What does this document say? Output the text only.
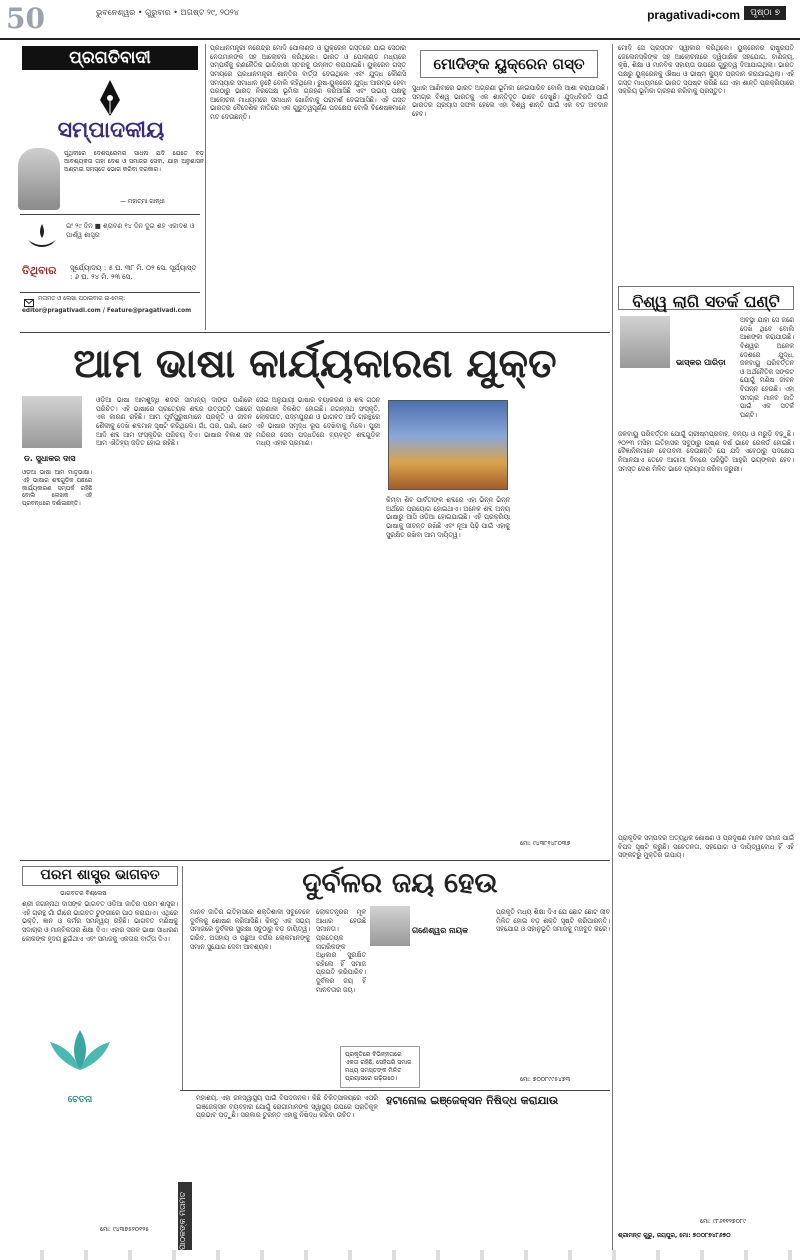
50	ଭୁବନେଶ୍ୱର • ଗୁରୁବାର • ଅଗଷ୍ଟ ୨୯, ୨୦୨୪	pragativadi•com	ପୃଷ୍ଠା ୭
ପ୍ରଗତିବାଦୀ
ସମ୍ପାଦକୀୟ
ପୃଥିବୀରେ ଦେଶପ୍ରେମର ସାଧନା ଯଦି ଯେତେ ବଡ଼ ଆବଶ୍ୟକତା ତାହା ଦେଶ ଓ ସମାଜର ସେବା, ଯାହା ଅନୁଶାସନ ଅଣ୍ଟାଇ ସମସ୍ତେ ଭୋଗ କରିବା ଦରକାର।
— ମହାତ୍ମା ଗାନ୍ଧୀ
ଇଂ ୨୯ ଦିନ ■ ଶ୍ରାବଣ ୧୪ ଦିନ ଦୁଇ ଶହ ଏକାଦଶ ଓ ପାର୍ଶ୍ୱ ଶାସ୍ତ୍ର
ତିଥିବାର ସୂର୍ଯ୍ୟୋଦୟ : ୫ ଘ. ୩୮ ମି. ୦୨ ସେ. ସୂର୍ଯ୍ୟାସ୍ତ : ୬ ଘ. ୨୪ ମି. ୨୩ ସେ.
ମତାମତ ଓ ଲେଖା ପଠାଇବାର ଇ-ମେଲ୍:
editor@pragativadi.com / Feature@pragativadi.com
ପ୍ରଧାନମନ୍ତ୍ରୀ ନରେନ୍ଦ୍ର ମୋଦି ପୋଲାଣ୍ଡ ଓ ୟୁକ୍ରେନ ଗସ୍ତରେ ଯାଇ ସେଠାର ନେତାମାନଙ୍କ ସହ ଆଲୋଚନା କରିଥିଲେ। ଭାରତ ଓ ପୋଲାଣ୍ଡ ମଧ୍ୟରେ ସମ୍ପର୍କକୁ ରଣନୈତିକ ଭାଗିଦାରୀ ସ୍ତରକୁ ଉନ୍ନୀତ କରାଯାଇଛି। ୟୁକ୍ରେନ ଗସ୍ତ ସମୟରେ ପ୍ରଧାନମନ୍ତ୍ରୀ ଶାନ୍ତିର ବାର୍ତ୍ତା ଦେଇଥିଲେ ଏବଂ ଯୁଦ୍ଧ କୌଣସି ସମସ୍ୟାର ସମାଧାନ ନୁହେଁ ବୋଲି କହିଥିଲେ। ରୁଷ-ୟୁକ୍ରେନ ଯୁଦ୍ଧ ଆରମ୍ଭ ହେବା ପରଠାରୁ ଭାରତ ନିରପେକ୍ଷ ଭୂମିକା ଗ୍ରହଣ କରିଆସିଛି ଏବଂ ଉଭୟ ପକ୍ଷକୁ ଆଲୋଚନା ମାଧ୍ୟମରେ ସମାଧାନ ଖୋଜିବାକୁ ପରାମର୍ଶ ଦେଇଆସିଛି। ଏହି ଗସ୍ତ ଭାରତର ବୈଦେଶିକ ନୀତିରେ ଏକ ଗୁରୁତ୍ୱପୂର୍ଣ୍ଣ ପଦକ୍ଷେପ ବୋଲି ବିଶେଷଜ୍ଞମାନେ ମତ ଦେଉଛନ୍ତି।
ମୋଦିଙ୍କ ୟୁକ୍ରେନ ଗସ୍ତ
ସୁଧାର ଆଣିବାରେ ଭାରତ ଅଗ୍ରଣୀ ଭୂମିକା ନେଇପାରିବ ବୋଲି ଆଶା କରାଯାଉଛି। ସମଗ୍ର ବିଶ୍ୱ ଭାରତକୁ ଏକ ଶାନ୍ତିଦୂତ ଭାବେ ଦେଖୁଛି। ଯୁଦ୍ଧବିରତି ପାଇଁ ଭାରତର ପ୍ରୟାସ ସଫଳ ହେଲେ ଏହା ବିଶ୍ୱ ଶାନ୍ତି ପାଇଁ ଏକ ବଡ଼ ଅବଦାନ ହେବ।
ମୋଦି ସେ ପ୍ରସ୍ତାବ ସ୍ୱୀକାର କରିଥିଲେ। ୟୁକ୍ରେନର ରାଷ୍ଟ୍ରପତି ଜେଲେନସ୍କିଙ୍କ ସହ ଆଲୋଚନାରେ ଦ୍ୱିପାକ୍ଷିକ ସହଯୋଗ, ବାଣିଜ୍ୟ, କୃଷି, ଶିକ୍ଷା ଓ ମାନବିକ ସହାୟତା ଉପରେ ଗୁରୁତ୍ୱ ଦିଆଯାଇଥିଲା। ଭାରତ ପକ୍ଷରୁ ୟୁକ୍ରେନକୁ ଔଷଧ ଓ ଭୀଷ୍ମ କ୍ୟୁବ ପ୍ରଦାନ କରାଯାଇଥିଲା। ଏହି ଗସ୍ତ ମାଧ୍ୟମରେ ଭାରତ ସ୍ପଷ୍ଟ କରିଛି ଯେ ଏହା ଶାନ୍ତି ପ୍ରକ୍ରିୟାରେ ସକ୍ରିୟ ଭୂମିକା ଗ୍ରହଣ କରିବାକୁ ପ୍ରସ୍ତୁତ।
ଆମ ଭାଷା କାର୍ଯ୍ୟକାରଣ ଯୁକ୍ତ
ଡ. ସୁଧାକର ଦାସ
ଓଡ଼ିଆ ଭାଷା ଆମ ମାତୃଭାଷା। ଏହି ଭାଷାର ଶବ୍ଦଗୁଡ଼ିକ ପଛରେ କାର୍ଯ୍ୟକାରଣ ସମ୍ପର୍କ ରହିଛି ବୋଲି ଲେଖକ ଏହି ପ୍ରବନ୍ଧରେ ଦର୍ଶାଇଛନ୍ତି।
ଓଡ଼ିଆ ଭାଷା ଆମଶୁଦ୍ଧି ଶଦର ସାମାନ୍ୟ ଦାଙ୍ଗ ପାଣିରେ ପରିଚିତ। ଏହି ଭାଷାରେ ପ୍ରତ୍ୟେକ ଶବ୍ଦର ଉତ୍ପତ୍ତି ପଛରେ ଏକ କାରଣ ରହିଛି। ଆମ ପୂର୍ବପୁରୁଷମାନେ ପ୍ରକୃତି ଓ ଜୀବନ ଶୈଳୀକୁ ଦେଖି ଶବ୍ଦମାନ ସୃଷ୍ଟି କରିଥିଲେ। ଗାଁ, ଘର, ପାଣି, ଖେତ ଆଦି ଶବ୍ଦ ଆମ ସଂସ୍କୃତିର ପରିଚୟ ଦିଏ। ଭାଷାର ବିକାଶ ସହ ଆମ ଐତିହ୍ୟ ଜଡ଼ିତ ହୋଇ ରହିଛି।
ସେଇ ଅନୁଯାୟୀ ଭାଷାର ବ୍ୟାକରଣ ଓ ଶବ୍ଦ ଗଠନ ପ୍ରଣାଳୀ ବିକଶିତ ହୋଇଛି। ଜଗନ୍ନାଥ ସଂସ୍କୃତି, ଲୋକଗୀତ, ପଦ୍ମପୁରାଣ ଓ ଭାଗବତ ଆଦି ଗ୍ରନ୍ଥରେ ଏହି ଭାଷାର ସମୃଦ୍ଧ ରୂପ ଦେଖିବାକୁ ମିଳେ। ପୁରୀ ମନ୍ଦିରର ସେବା ପଦ୍ଧତିରେ ବ୍ୟବହୃତ ଶବ୍ଦଗୁଡ଼ିକ ମଧ୍ୟ ଏହାର ପ୍ରମାଣ।
କିମ୍ବା ଶିବ ପାର୍ବତୀଙ୍କ ଶବ୍ଦରେ ଏହା ଭିନ୍ନ ଭିନ୍ନ ଅର୍ଥରେ ପ୍ରୟୋଗ ହୋଇଥାଏ। ଅନେକ ଶବ୍ଦ ଅନ୍ୟ ଭାଷାରୁ ଆସି ଓଡ଼ିଆ ହୋଇଯାଇଛି। ଏହି ପ୍ରକ୍ରିୟା ଭାଷାକୁ ଜୀବନ୍ତ ରଖିଛି ଏବଂ ନୂଆ ପିଢ଼ି ପାଇଁ ଏହାକୁ ସୁରକ୍ଷିତ ରଖିବା ଆମ ଦାୟିତ୍ୱ।
ମୋ: ୯୪୩୮୧୪୮୦୩୭
ବିଶ୍ୱ ଲାଗି ସତର୍କ ଘଣ୍ଟି
ଭାସ୍କର ପାରିଡ଼ା
ଅବସ୍ଥା ଯାହା ସେ ଜଣେ ଦେଖି ଥିବେ ବୋଲି ଆଶଙ୍କା କରାଯାଉଛି। ବିଶ୍ୱର ଅନେକ ଦେଶରେ ଯୁଦ୍ଧ, ଜଳବାୟୁ ପରିବର୍ତ୍ତନ ଓ ଅର୍ଥନୈତିକ ସଙ୍କଟ ଯୋଗୁଁ ମଣିଷ ଜୀବନ ବିପନ୍ନ ହେଉଛି। ଏହା ସମଗ୍ର ମାନବ ଜାତି ପାଇଁ ଏକ ସତର୍କ ଘଣ୍ଟି।
ଜଳବାୟୁ ପରିବର୍ତ୍ତନ ଯୋଗୁଁ ଗ୍ରୀଷ୍ମପ୍ରବାହ, ବନ୍ୟା ଓ ମରୁଡ଼ି ବଢ଼ୁଛି। ୨୦୨୩ ମସିହା ଇତିହାସର ସବୁଠାରୁ ଉଷ୍ଣ ବର୍ଷ ଭାବେ ରେକର୍ଡ ହୋଇଛି। ବୈଜ୍ଞାନିକମାନେ ଚେତାବନୀ ଦେଉଛନ୍ତି ଯେ ଯଦି ଏବେଠାରୁ ପଦକ୍ଷେପ ନିଆନଯାଏ ତେବେ ଆଗାମୀ ଦିନରେ ପରିସ୍ଥିତି ଆହୁରି ଭୟଙ୍କର ହେବ। ସମସ୍ତ ଦେଶ ମିଳିତ ଭାବେ ପ୍ରୟାସ କରିବା ଜରୁରୀ।
ପ୍ରାକୃତିକ ସମ୍ପଦର ଅତ୍ୟଧିକ ଶୋଷଣ ଓ ପ୍ରଦୂଷଣ ମାନବ ସମାଜ ପାଇଁ ବିପଦ ସୃଷ୍ଟି କରୁଛି। ସଚେତନତା, ସହଯୋଗ ଓ ଦାୟିତ୍ୱବୋଧ ହିଁ ଏହି ସଙ୍କଟରୁ ମୁକ୍ତିର ଉପାୟ।
ମୋ: ୯୮୬୧୧୨୭୦୮୯
ପରମ ଶାସ୍ତ୍ର ଭାଗବତ
ଭାଗବତର ବିଶ୍ଲେଷ
ଶ୍ରୀ ଜଗନ୍ନାଥ ଦାସଙ୍କ ଭାଗବତ ଓଡ଼ିଆ ଜାତିର ପରମ ଶାସ୍ତ୍ର। ଏହି ଗ୍ରନ୍ଥ ଗାଁ ଗାଁରେ ଭାଗବତ ଟୁଙ୍ଗୀରେ ପାଠ କରାଯାଏ। ଏଥିରେ ଭକ୍ତି, ଜ୍ଞାନ ଓ କର୍ମର ସମନ୍ୱୟ ରହିଛି। ଭାଗବତ ମଣିଷକୁ ସଦାଚାର ଓ ମାନବିକତାର ଶିକ୍ଷା ଦିଏ। ଏହାର ସରଳ ଭାଷା ସାଧାରଣ ଲୋକଙ୍କ ହୃଦୟ ଛୁଇଁଥାଏ ଏବଂ ସମାଜକୁ ଏକତାର ବାର୍ତ୍ତା ଦିଏ।
ଚେତନା
ମୋ: ୯୪୩୭୫୨୦୧୨୫
ଦୁର୍ବଳର ଜୟ ହେଉ
ମାନବ ଜାତିର ଇତିହାସରେ ଶକ୍ତିଶାଳୀ ସବୁବେଳେ ଦୁର୍ବଳକୁ ଶୋଷଣ କରିଆସିଛି। କିନ୍ତୁ ଏକ ସଭ୍ୟ ସମାଜରେ ଦୁର୍ବଳର ସୁରକ୍ଷା ସବୁଠାରୁ ବଡ଼ ଦାୟିତ୍ୱ। ଗରିବ, ଅସହାୟ ଓ ପଛୁଆ ବର୍ଗର ଲୋକମାନଙ୍କୁ ସମାନ ସୁଯୋଗ ଦେବା ଆବଶ୍ୟକ।
ଗଣେଶ୍ୱର ନାୟକ
ଲୋକତନ୍ତ୍ରର ମୂଳ ଆଧାର ହେଉଛି ସମାନତା। ପ୍ରତ୍ୟେକ ନାଗରିକଙ୍କ ଅଧିକାର ସୁରକ୍ଷିତ ରହିଲେ ହିଁ ସମାଜ ପ୍ରଗତି କରିପାରିବ। ଦୁର୍ବଳର ଜୟ ହିଁ ମାନବତାର ଜୟ।
ପ୍ରକୃତିରେ ବିଭିନ୍ନତାରେ ଏକତା ରହିଛି, ସେହିପରି ସମାଜ ମଧ୍ୟ ସମସ୍ତଙ୍କ ମିଳିତ ପ୍ରୟାସରେ ଗଢ଼ିଉଠେ।
ପ୍ରକୃତି ମଧ୍ୟ ଶିକ୍ଷା ଦିଏ ଯେ ଛୋଟ ଛୋଟ ଜୀବ ମିଳିତ ହୋଇ ବଡ଼ ଶକ୍ତି ସୃଷ୍ଟି କରିପାରନ୍ତି। ସହଯୋଗ ଓ ସହାନୁଭୂତି ସମାଜକୁ ମଜବୁତ କରେ।
ମୋ: ୭୦୦୮୯୯୫୪୭୩
ପାଠକଙ୍କ ମତାମତ
ମହାଶୟ, ଏହା ଜନସ୍ୱାସ୍ଥ୍ୟ ପାଇଁ ବିପଦଜନକ। କିଛି ଚିକିତ୍ସାଳୟରେ ଏପରି ଇଞ୍ଜେକ୍ସନ ବ୍ୟବହାର ଯୋଗୁଁ ରୋଗୀମାନଙ୍କ ସ୍ୱାସ୍ଥ୍ୟ ଉପରେ ପ୍ରତିକୂଳ ପ୍ରଭାବ ପଡ଼ୁଛି। ସରକାର ତୁରନ୍ତ ଏହାକୁ ନିଷିଦ୍ଧ କରିବା ଉଚିତ।
ହଟାନୋଲ ଇଞ୍ଜେକ୍ସନ ନିଷିଦ୍ଧ କରାଯାଉ
ଶ୍ରୀମନ୍ତ ଗୁରୁ, ଜୟପୁର, ମୋ: ୭୦୦୮୭୪୮୬୭୦
